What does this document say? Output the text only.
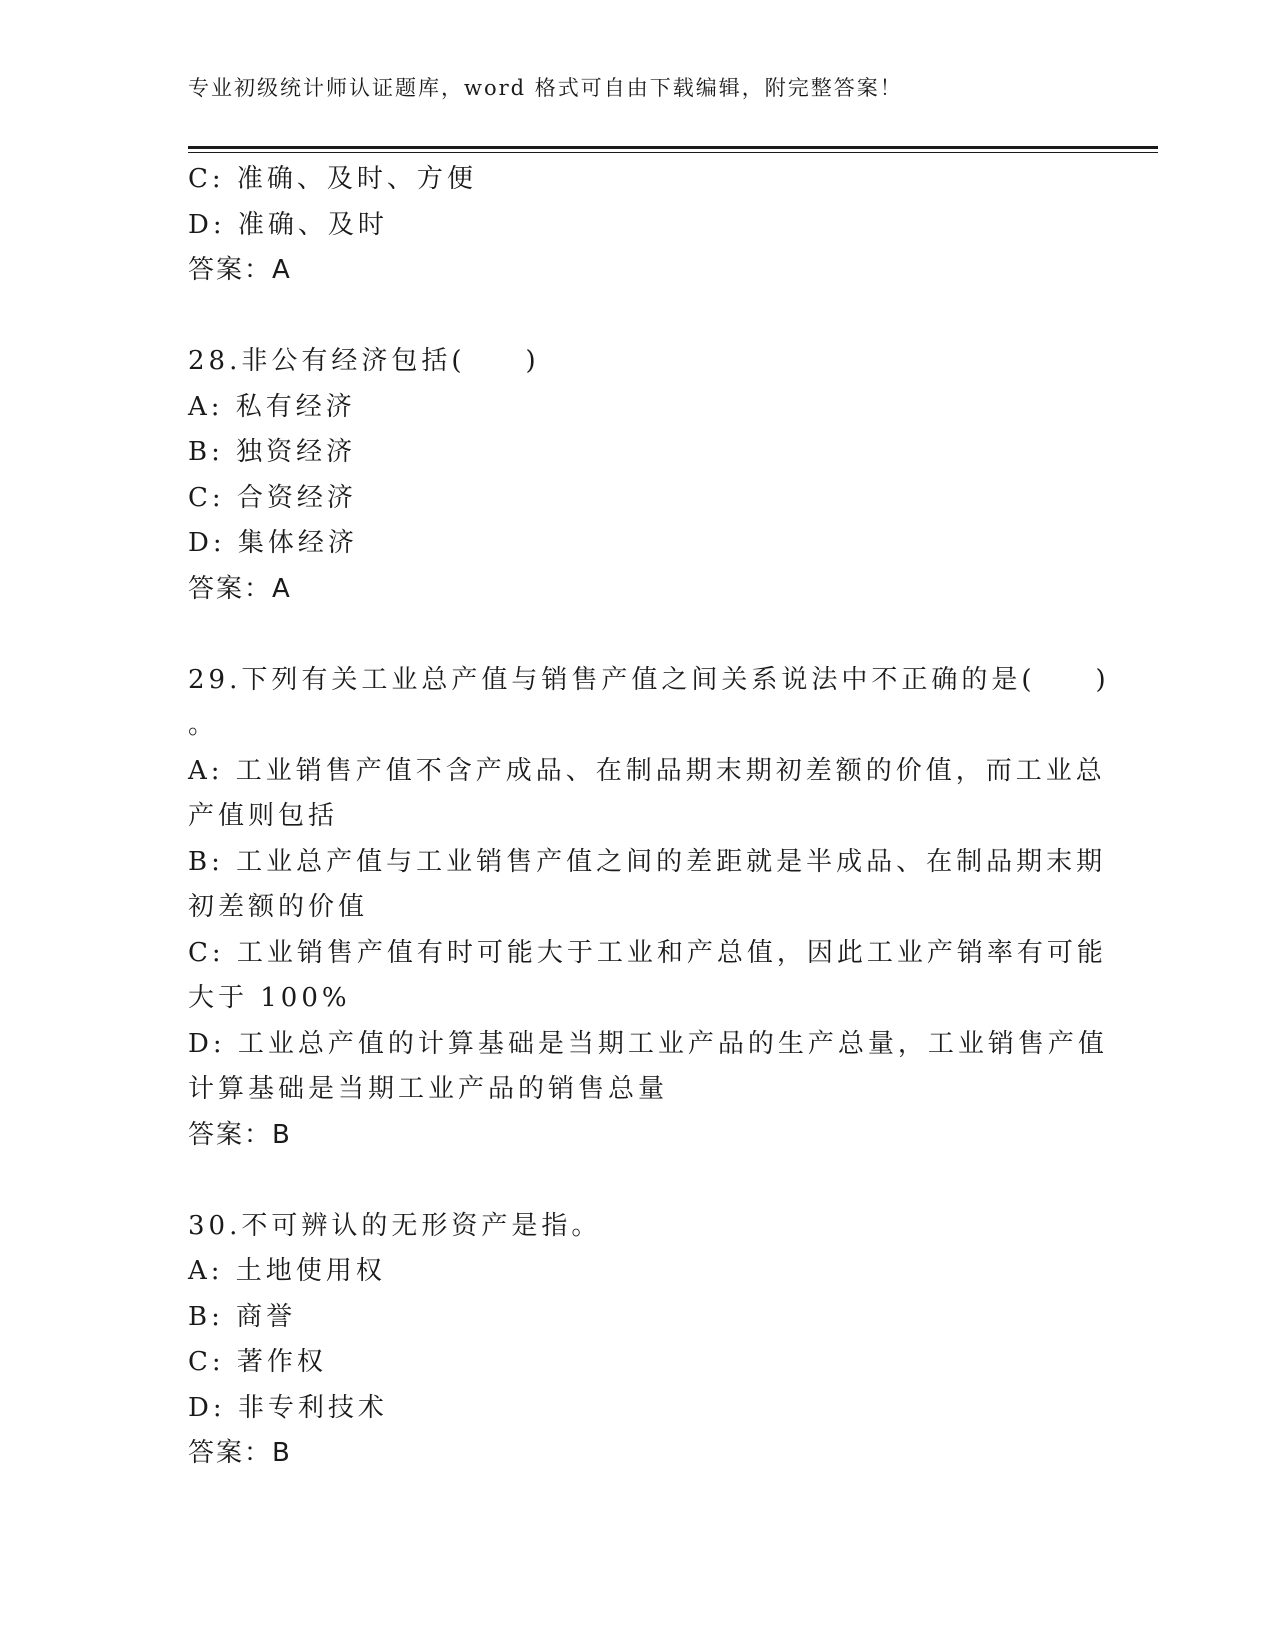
专业初级统计师认证题库，word 格式可自由下载编辑，附完整答案！
C: 准确、及时、方便
D: 准确、及时
答案：A
28.非公有经济包括(　　)
A: 私有经济
B: 独资经济
C: 合资经济
D: 集体经济
答案：A
29.下列有关工业总产值与销售产值之间关系说法中不正确的是(　　)
。
A: 工业销售产值不含产成品、在制品期末期初差额的价值，而工业总
产值则包括
B: 工业总产值与工业销售产值之间的差距就是半成品、在制品期末期
初差额的价值
C: 工业销售产值有时可能大于工业和产总值，因此工业产销率有可能
大于 100%
D: 工业总产值的计算基础是当期工业产品的生产总量，工业销售产值
计算基础是当期工业产品的销售总量
答案：B
30.不可辨认的无形资产是指。
A: 土地使用权
B: 商誉
C: 著作权
D: 非专利技术
答案：B
